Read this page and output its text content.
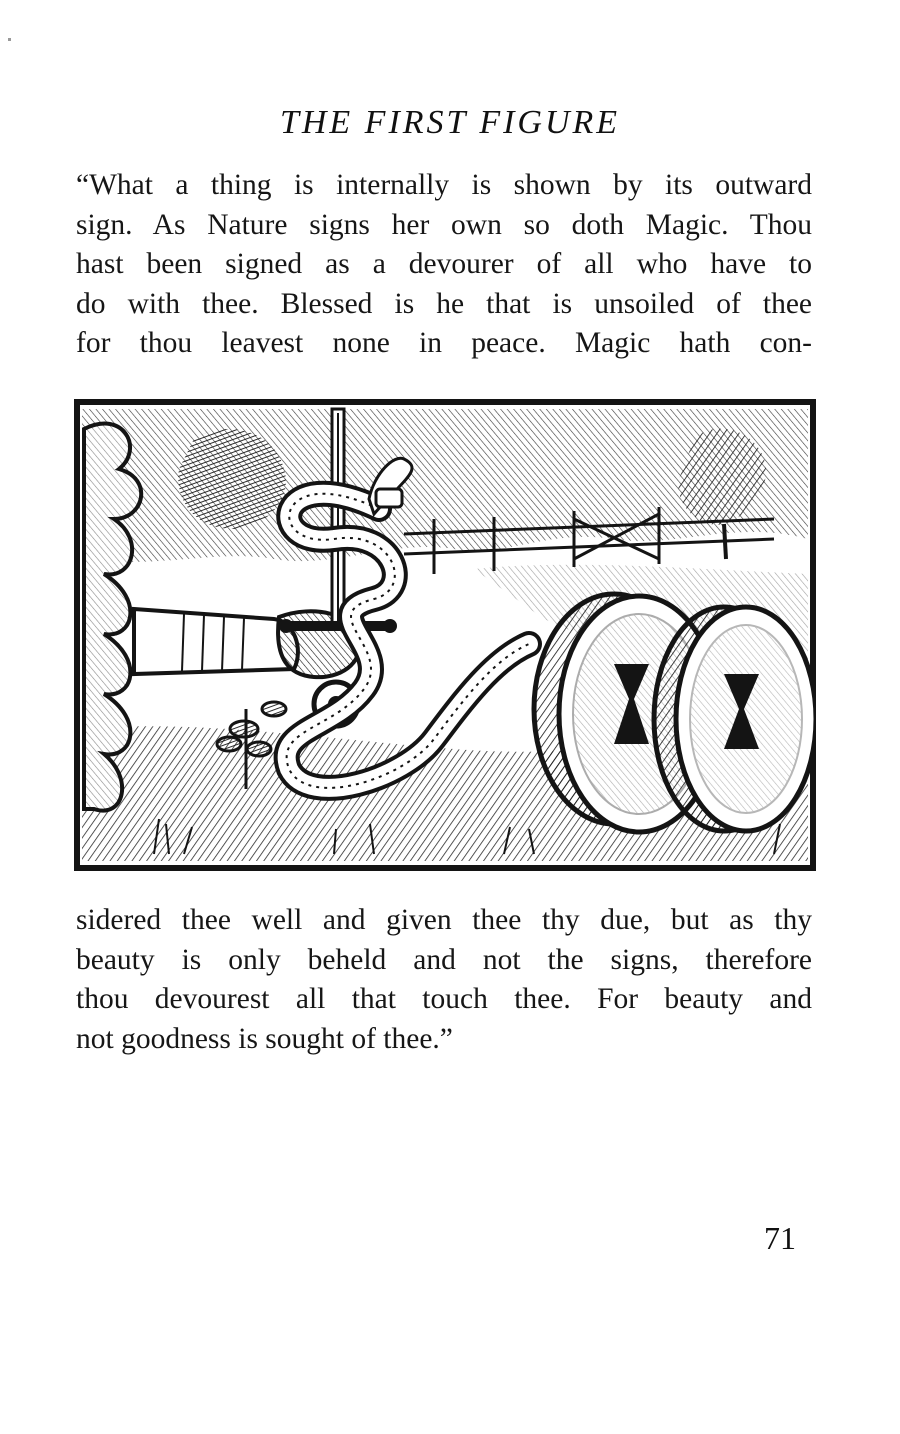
THE FIRST FIGURE
“What a thing is internally is shown by its outward
sign. As Nature signs her own so doth Magic. Thou
hast been signed as a devourer of all who have to
do with thee. Blessed is he that is unsoiled of thee
for thou leavest none in peace. Magic hath con-
sidered thee well and given thee thy due, but as thy
beauty is only beheld and not the signs, therefore
thou devourest all that touch thee. For beauty and
not goodness is sought of thee.”
71
